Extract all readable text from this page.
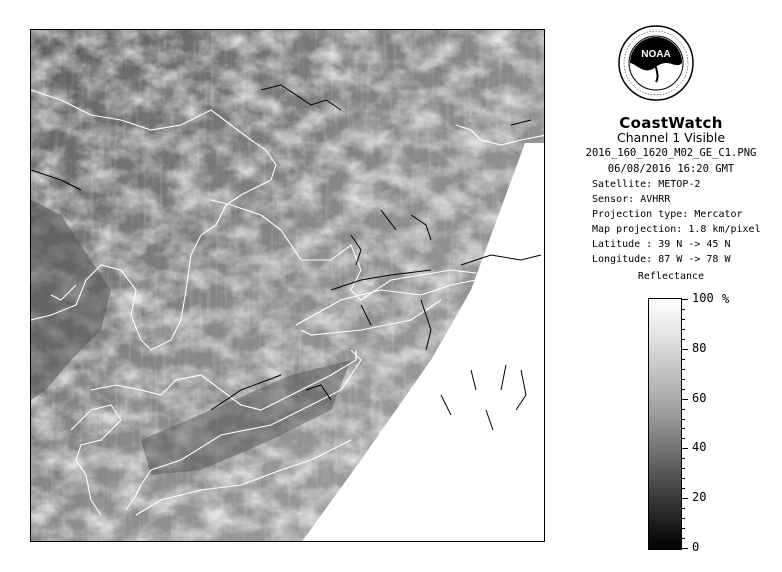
NOAA
CoastWatch
Channel 1 Visible
2016_160_1620_M02_GE_C1.PNG
06/08/2016 16:20 GMT
Satellite: METOP-2
Sensor: AVHRR
Projection type: Mercator
Map projection: 1.8 km/pixel
Latitude : 39 N -> 45 N
Longitude: 87 W -> 78 W
Reflectance
%
100
80
60
40
20
0
